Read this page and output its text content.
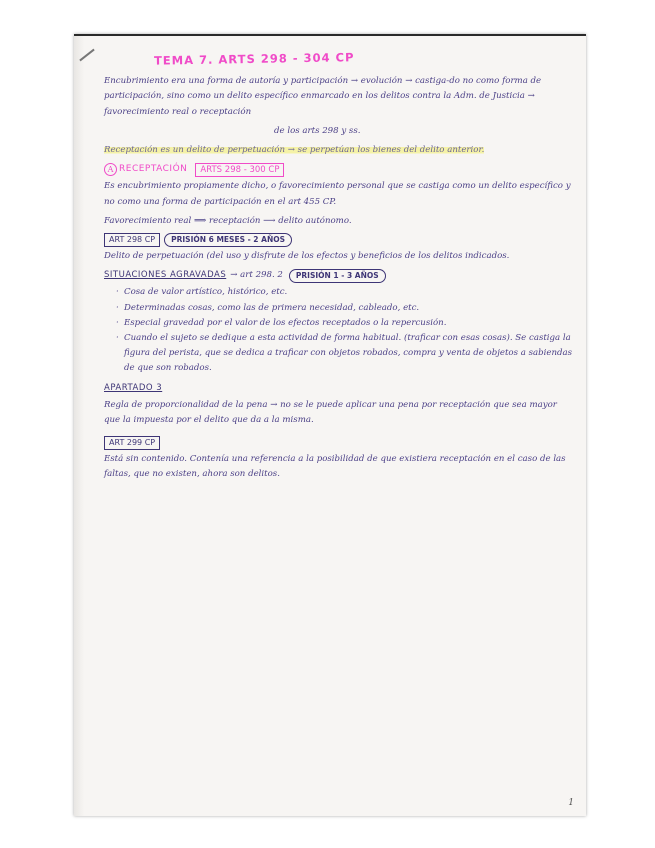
TEMA 7. ARTS 298 - 304 CP

Encubrimiento era una forma de autoría y participación → evolución → castiga-do no como forma de participación, sino como un delito específico enmarcado en los delitos contra la Adm. de Justicia → favorecimiento real o receptación

de los arts 298 y ss.

Receptación es un delito de perpetuación → se perpetúan los bienes del delito anterior.

A RECEPTACIÓN	ARTS 298 - 300 CP

Es encubrimiento propiamente dicho, o favorecimiento personal que se castiga como un delito específico y no como una forma de participación en el art 455 CP.

Favorecimiento real ⟹ receptación ⟶ delito autónomo.

ART 298 CP	PRISIÓN 6 MESES - 2 AÑOS

Delito de perpetuación (del uso y disfrute de los efectos y beneficios de los delitos indicados.

SITUACIONES AGRAVADAS → art 298. 2	PRISIÓN 1 - 3 AÑOS
· Cosa de valor artístico, histórico, etc.
· Determinadas cosas, como las de primera necesidad, cableado, etc.
· Especial gravedad por el valor de los efectos receptados o la repercusión.
· Cuando el sujeto se dedique a esta actividad de forma habitual. (traficar con esas cosas). Se castiga la figura del perista, que se dedica a traficar con objetos robados, compra y venta de objetos a sabiendas de que son robados.
APARTADO 3

Regla de proporcionalidad de la pena → no se le puede aplicar una pena por receptación que sea mayor que la impuesta por el delito que da a la misma.

ART 299 CP

Está sin contenido. Contenía una referencia a la posibilidad de que existiera receptación en el caso de las faltas, que no existen, ahora son delitos.

1
